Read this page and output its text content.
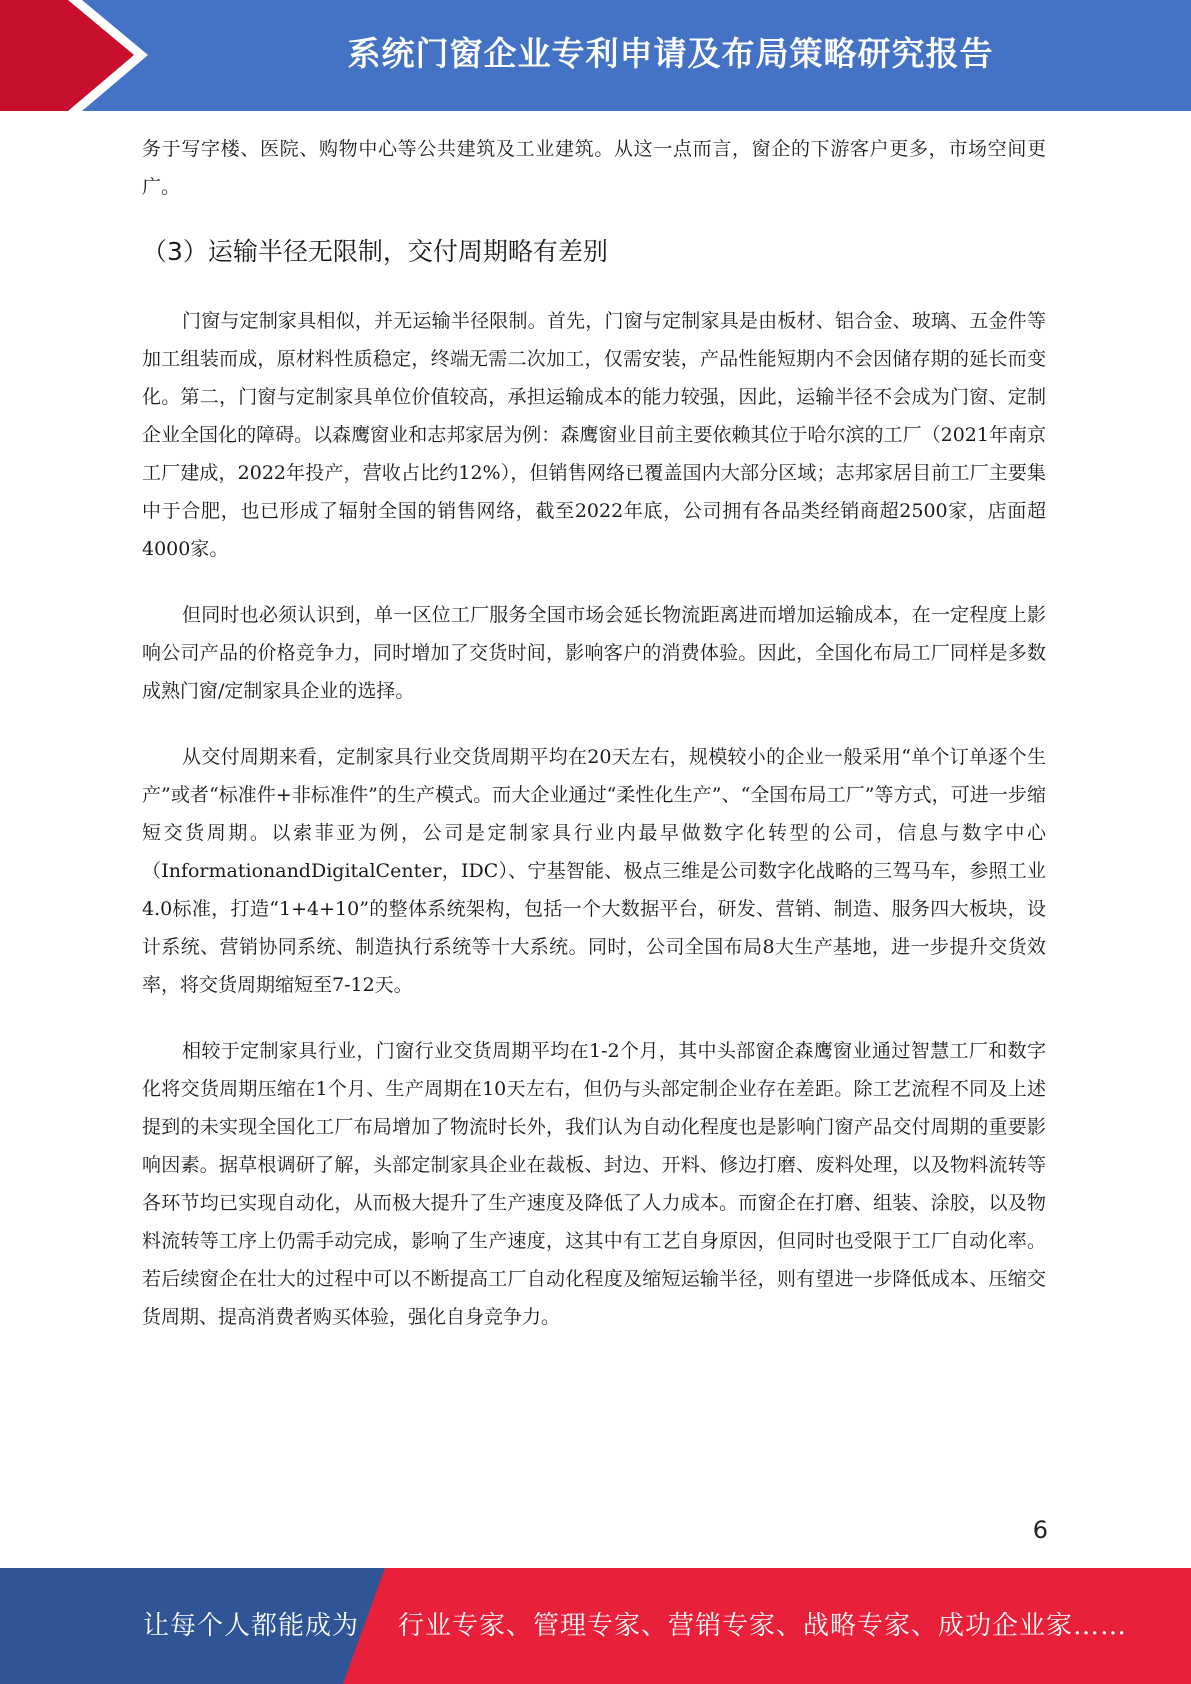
系统门窗企业专利申请及布局策略研究报告

务于写字楼、医院、购物中心等公共建筑及工业建筑。从这一点而言，窗企的下游客户更多，市场空间更广。

（3）运输半径无限制，交付周期略有差别

门窗与定制家具相似，并无运输半径限制。首先，门窗与定制家具是由板材、铝合金、玻璃、五金件等加工组装而成，原材料性质稳定，终端无需二次加工，仅需安装，产品性能短期内不会因储存期的延长而变化。第二，门窗与定制家具单位价值较高，承担运输成本的能力较强，因此，运输半径不会成为门窗、定制企业全国化的障碍。以森鹰窗业和志邦家居为例：森鹰窗业目前主要依赖其位于哈尔滨的工厂（2021年南京工厂建成，2022年投产，营收占比约12%），但销售网络已覆盖国内大部分区域；志邦家居目前工厂主要集中于合肥，也已形成了辐射全国的销售网络，截至2022年底，公司拥有各品类经销商超2500家，店面超4000家。

但同时也必须认识到，单一区位工厂服务全国市场会延长物流距离进而增加运输成本，在一定程度上影响公司产品的价格竞争力，同时增加了交货时间，影响客户的消费体验。因此，全国化布局工厂同样是多数成熟门窗/定制家具企业的选择。

从交付周期来看，定制家具行业交货周期平均在20天左右，规模较小的企业一般采用“单个订单逐个生产”或者“标准件+非标准件”的生产模式。而大企业通过“柔性化生产”、“全国布局工厂”等方式，可进一步缩短交货周期。以索菲亚为例，公司是定制家具行业内最早做数字化转型的公司，信息与数字中心（InformationandDigitalCenter，IDC）、宁基智能、极点三维是公司数字化战略的三驾马车，参照工业4.0标准，打造“1+4+10”的整体系统架构，包括一个大数据平台，研发、营销、制造、服务四大板块，设计系统、营销协同系统、制造执行系统等十大系统。同时，公司全国布局8大生产基地，进一步提升交货效率，将交货周期缩短至7-12天。

相较于定制家具行业，门窗行业交货周期平均在1-2个月，其中头部窗企森鹰窗业通过智慧工厂和数字化将交货周期压缩在1个月、生产周期在10天左右，但仍与头部定制企业存在差距。除工艺流程不同及上述提到的未实现全国化工厂布局增加了物流时长外，我们认为自动化程度也是影响门窗产品交付周期的重要影响因素。据草根调研了解，头部定制家具企业在裁板、封边、开料、修边打磨、废料处理，以及物料流转等各环节均已实现自动化，从而极大提升了生产速度及降低了人力成本。而窗企在打磨、组装、涂胶，以及物料流转等工序上仍需手动完成，影响了生产速度，这其中有工艺自身原因，但同时也受限于工厂自动化率。若后续窗企在壮大的过程中可以不断提高工厂自动化程度及缩短运输半径，则有望进一步降低成本、压缩交货周期、提高消费者购买体验，强化自身竞争力。

6
让每个人都能成为 行业专家、管理专家、营销专家、战略专家、成功企业家……
